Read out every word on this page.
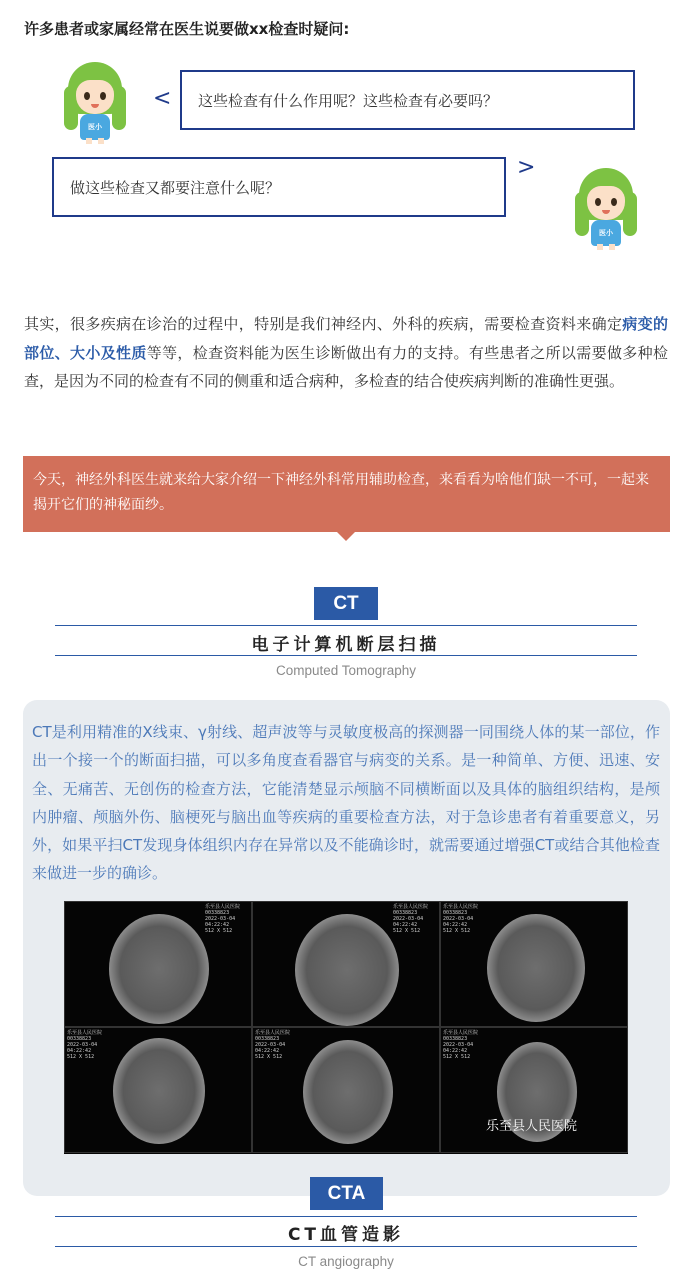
许多患者或家属经常在医生说要做xx检查时疑问:
医小
< 这些检查有什么作用呢？这些检查有必要吗？
做这些检查又都要注意什么呢？
>
医小
其实，很多疾病在诊治的过程中，特别是我们神经内、外科的疾病，需要检查资料来确定病变的部位、大小及性质等等，检查资料能为医生诊断做出有力的支持。有些患者之所以需要做多种检查，是因为不同的检查有不同的侧重和适合病种，多检查的结合使疾病判断的准确性更强。
今天，神经外科医生就来给大家介绍一下神经外科常用辅助检查，来看看为啥他们缺一不可，一起来揭开它们的神秘面纱。
CT
电子计算机断层扫描
Computed Tomography
CT是利用精准的X线束、γ射线、超声波等与灵敏度极高的探测器一同围绕人体的某一部位，作出一个接一个的断面扫描，可以多角度查看器官与病变的关系。是一种简单、方便、迅速、安全、无痛苦、无创伤的检查方法，它能清楚显示颅脑不同横断面以及具体的脑组织结构，是颅内肿瘤、颅脑外伤、脑梗死与脑出血等疾病的重要检查方法，对于急诊患者有着重要意义，另外，如果平扫CT发现身体组织内存在异常以及不能确诊时，就需要通过增强CT或结合其他检查来做进一步的确诊。
乐至县人民医院
00338823
2022-03-04
04:22:42
512 X 512
乐至县人民医院
00338823
2022-03-04
04:22:42
512 X 512
乐至县人民医院
00338823
2022-03-04
04:22:42
512 X 512
乐至县人民医院
00338823
2022-03-04
04:22:42
512 X 512
乐至县人民医院
00338823
2022-03-04
04:22:42
512 X 512
乐至县人民医院
00338823
2022-03-04
04:22:42
512 X 512
乐至县人民医院
CTA
CT血管造影
CT angiography
